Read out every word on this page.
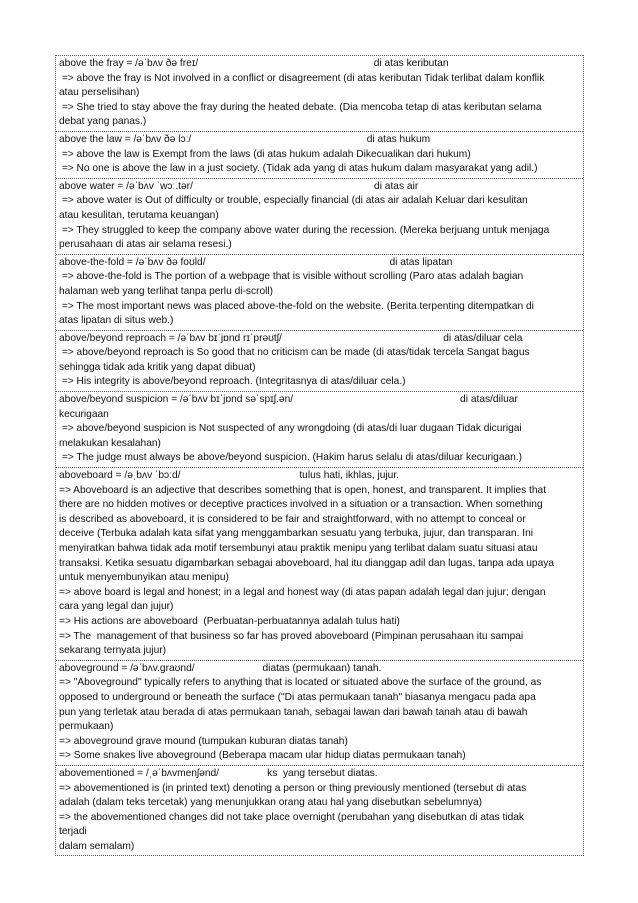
above the fray = /əˈbʌv ðə freɪ/                                                              di atas keributan
=> above the fray is Not involved in a conflict or disagreement (di atas keributan Tidak terlibat dalam konflik
atau perselisihan)
=> She tried to stay above the fray during the heated debate. (Dia mencoba tetap di atas keributan selama
debat yang panas.)
above the law = /əˈbʌv ðə lɔː/                                                              di atas hukum
=> above the law is Exempt from the laws (di atas hukum adalah Dikecualikan dari hukum)
=> No one is above the law in a just society. (Tidak ada yang di atas hukum dalam masyarakat yang adil.)
above water = /əˈbʌv ˈwɔː.tər/                                                                di atas air
=> above water is Out of difficulty or trouble, especially financial (di atas air adalah Keluar dari kesulitan
atau kesulitan, terutama keuangan)
=> They struggled to keep the company above water during the recession. (Mereka berjuang untuk menjaga
perusahaan di atas air selama resesi.)
above-the-fold = /əˈbʌv ðə foʊld/                                                                 di atas lipatan
=> above-the-fold is The portion of a webpage that is visible without scrolling (Paro atas adalah bagian
halaman web yang terlihat tanpa perlu di-scroll)
=> The most important news was placed above-the-fold on the website. (Berita terpenting ditempatkan di
atas lipatan di situs web.)
above/beyond reproach = /əˈbʌv bɪˈjɒnd rɪˈprəʊtʃ/                                                         di atas/diluar cela
=> above/beyond reproach is So good that no criticism can be made (di atas/tidak tercela Sangat bagus
sehingga tidak ada kritik yang dapat dibuat)
=> His integrity is above/beyond reproach. (Integritasnya di atas/diluar cela.)
above/beyond suspicion = /əˈbʌv bɪˈjɒnd səˈspɪʃ.ən/                                                           di atas/diluar
kecurigaan
=> above/beyond suspicion is Not suspected of any wrongdoing (di atas/di luar dugaan Tidak dicurigai
melakukan kesalahan)
=> The judge must always be above/beyond suspicion. (Hakim harus selalu di atas/diluar kecurigaan.)
aboveboard = /əˌbʌv ˈbɔːd/                                          tulus hati, ikhlas, jujur.
=> Aboveboard is an adjective that describes something that is open, honest, and transparent. It implies that
there are no hidden motives or deceptive practices involved in a situation or a transaction. When something
is described as aboveboard, it is considered to be fair and straightforward, with no attempt to conceal or
deceive (Terbuka adalah kata sifat yang menggambarkan sesuatu yang terbuka, jujur, dan transparan. Ini
menyiratkan bahwa tidak ada motif tersembunyi atau praktik menipu yang terlibat dalam suatu situasi atau
transaksi. Ketika sesuatu digambarkan sebagai aboveboard, hal itu dianggap adil dan lugas, tanpa ada upaya
untuk menyembunyikan atau menipu)
=> above board is legal and honest; in a legal and honest way (di atas papan adalah legal dan jujur; dengan
cara yang legal dan jujur)
=> His actions are aboveboard  (Perbuatan-perbuatannya adalah tulus hati)
=> The  management of that business so far has proved aboveboard (Pimpinan perusahaan itu sampai
sekarang ternyata jujur)
aboveground = /əˈbʌv.graʊnd/                        diatas (permukaan) tanah.
=> "Aboveground" typically refers to anything that is located or situated above the surface of the ground, as
opposed to underground or beneath the surface ("Di atas permukaan tanah" biasanya mengacu pada apa
pun yang terletak atau berada di atas permukaan tanah, sebagai lawan dari bawah tanah atau di bawah
permukaan)
=> aboveground grave mound (tumpukan kuburan diatas tanah)
=> Some snakes live aboveground (Beberapa macam ular hidup diatas permukaan tanah)
abovementioned = /ˌəˈbʌvmenʃənd/                 ks  yang tersebut diatas.
=> abovementioned is (in printed text) denoting a person or thing previously mentioned (tersebut di atas
adalah (dalam teks tercetak) yang menunjukkan orang atau hal yang disebutkan sebelumnya)
=> the abovementioned changes did not take place overnight (perubahan yang disebutkan di atas tidak
terjadi
dalam semalam)
